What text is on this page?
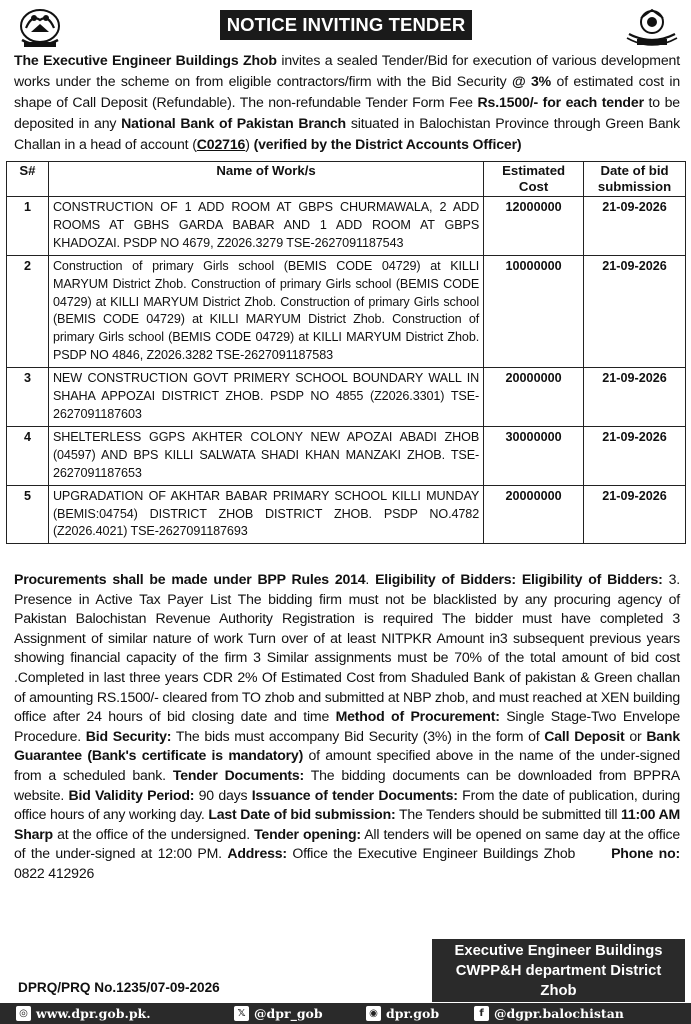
NOTICE INVITING TENDER
The Executive Engineer Buildings Zhob invites a sealed Tender/Bid for execution of various development works under the scheme on from eligible contractors/firm with the Bid Security @ 3% of estimated cost in shape of Call Deposit (Refundable). The non-refundable Tender Form Fee Rs.1500/- for each tender to be deposited in any National Bank of Pakistan Branch situated in Balochistan Province through Green Bank Challan in a head of account (C02716) (verified by the District Accounts Officer)
S#	Name of Work/s	Estimated Cost	Date of bid submission
1	CONSTRUCTION OF 1 ADD ROOM AT GBPS CHURMAWALA, 2 ADD ROOMS AT GBHS GARDA BABAR AND 1 ADD ROOM AT GBPS KHADOZAI. PSDP NO 4679, Z2026.3279 TSE-2627091187543	12000000	21-09-2026
2	Construction of primary Girls school (BEMIS CODE 04729) at KILLI MARYUM District Zhob. Construction of primary Girls school (BEMIS CODE 04729) at KILLI MARYUM District Zhob. Construction of primary Girls school (BEMIS CODE 04729) at KILLI MARYUM District Zhob. Construction of primary Girls school (BEMIS CODE 04729) at KILLI MARYUM District Zhob. PSDP NO 4846, Z2026.3282 TSE-2627091187583	10000000	21-09-2026
3	NEW CONSTRUCTION GOVT PRIMERY SCHOOL BOUNDARY WALL IN SHAHA APPOZAI DISTRICT ZHOB. PSDP NO 4855 (Z2026.3301) TSE-2627091187603	20000000	21-09-2026
4	SHELTERLESS GGPS AKHTER COLONY NEW APOZAI ABADI ZHOB (04597) AND BPS KILLI SALWATA SHADI KHAN MANZAKI ZHOB. TSE-2627091187653	30000000	21-09-2026
5	UPGRADATION OF AKHTAR BABAR PRIMARY SCHOOL KILLI MUNDAY (BEMIS:04754) DISTRICT ZHOB DISTRICT ZHOB. PSDP NO.4782 (Z2026.4021) TSE-2627091187693	20000000	21-09-2026
Procurements shall be made under BPP Rules 2014. Eligibility of Bidders: Eligibility of Bidders: 3. Presence in Active Tax Payer List The bidding firm must not be blacklisted by any procuring agency of Pakistan Balochistan Revenue Authority Registration is required The bidder must have completed 3 Assignment of similar nature of work Turn over of at least NITPKR Amount in3 subsequent previous years showing financial capacity of the firm 3 Similar assignments must be 70% of the total amount of bid cost .Completed in last three years CDR 2% Of Estimated Cost from Shaduled Bank of pakistan & Green challan of amounting RS.1500/- cleared from TO zhob and submitted at NBP zhob, and must reached at XEN building office after 24 hours of bid closing date and time Method of Procurement: Single Stage-Two Envelope Procedure. Bid Security: The bids must accompany Bid Security (3%) in the form of Call Deposit or Bank Guarantee (Bank's certificate is mandatory) of amount specified above in the name of the under-signed from a scheduled bank. Tender Documents: The bidding documents can be downloaded from BPPRA website. Bid Validity Period: 90 days Issuance of tender Documents: From the date of publication, during office hours of any working day. Last Date of bid submission: The Tenders should be submitted till 11:00 AM Sharp at the office of the undersigned. Tender opening: All tenders will be opened on same day at the office of the under-signed at 12:00 PM. Address: Office the Executive Engineer Buildings Zhob	Phone no: 0822 412926
Executive Engineer Buildings
CWPP&H department District
Zhob
DPRQ/PRQ No.1235/07-09-2026
◎ www.dpr.gob.pk.	𝕏 @dpr_gob	◉ dpr.gob	f @dgpr.balochistan
